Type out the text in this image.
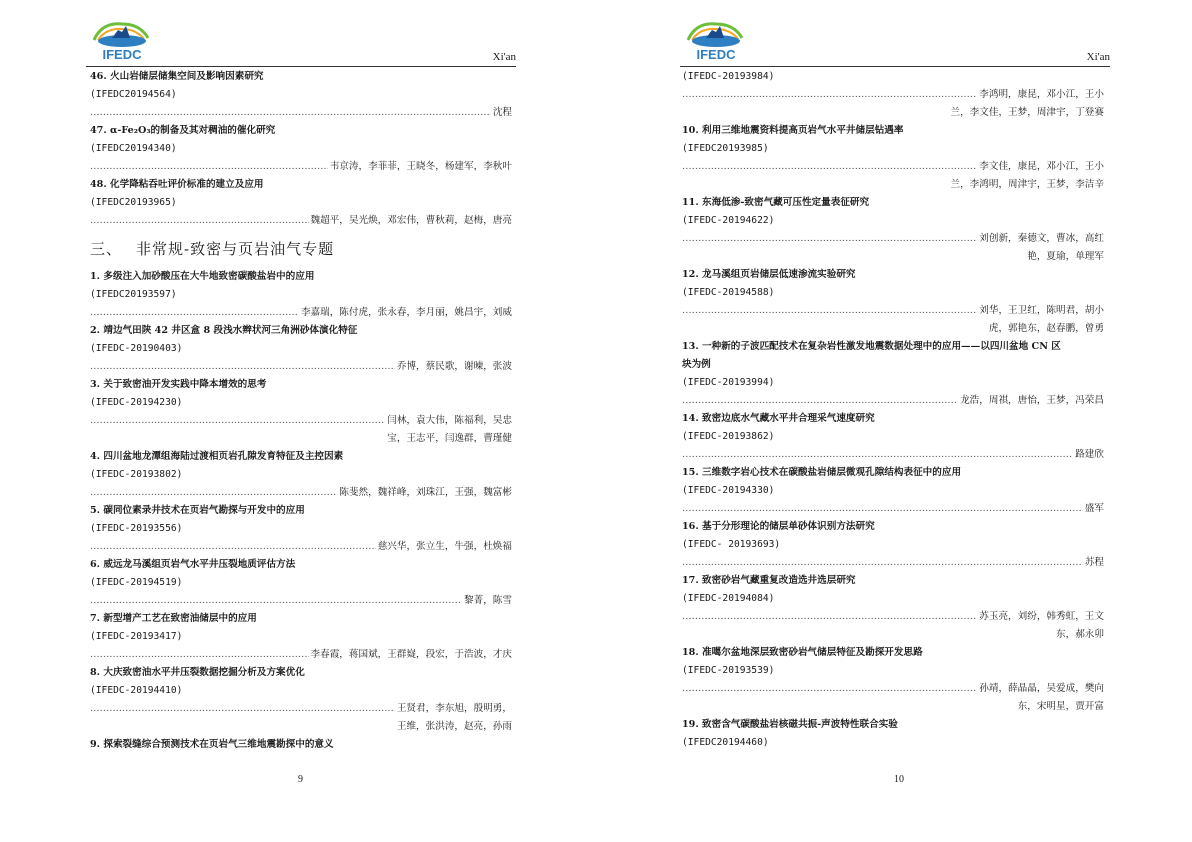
IFEDC	Xi'an
46. 火山岩储层储集空间及影响因素研究
(IFEDC20194564)
…………………………………………………………………………………………………………………………………………………………………………………………………………………………………
沈程
47. α-Fe₂O₃的制备及其对稠油的催化研究
(IFEDC20194340)
…………………………………………………………………………………………………………………………………………………………………………………………………………………………………
韦京涛，李菲菲，王晓冬，杨建军，李秋叶
48. 化学降粘吞吐评价标准的建立及应用
(IFEDC20193965)
…………………………………………………………………………………………………………………………………………………………………………………………………………………………………
魏超平，吴光焕，邓宏伟，曹秋莉，赵梅，唐亮
三、 非常规-致密与页岩油气专题
1. 多级注入加砂酸压在大牛地致密碳酸盐岩中的应用
(IFEDC20193597)
…………………………………………………………………………………………………………………………………………………………………………………………………………………………………
李嘉瑞，陈付虎，张永春，李月丽，姚昌宇，刘威
2. 靖边气田陕 42 井区盒 8 段浅水辫状河三角洲砂体演化特征
(IFEDC-20190403)
…………………………………………………………………………………………………………………………………………………………………………………………………………………………………
乔博，蔡民歌，谢暕，张波
3. 关于致密油开发实践中降本增效的思考
(IFEDC-20194230)
…………………………………………………………………………………………………………………………………………………………………………………………………………………………………
闫林，袁大伟，陈福利，吴忠
宝，王志平，闫逸群，曹瑾健
4. 四川盆地龙潭组海陆过渡相页岩孔隙发育特征及主控因素
(IFEDC-20193802)
…………………………………………………………………………………………………………………………………………………………………………………………………………………………………
陈斐然，魏祥峰，刘珠江，王强，魏富彬
5. 碳同位素录井技术在页岩气勘探与开发中的应用
(IFEDC-20193556)
…………………………………………………………………………………………………………………………………………………………………………………………………………………………………
慈兴华，张立生，牛强，杜焕福
6. 威远龙马溪组页岩气水平井压裂地质评估方法
(IFEDC-20194519)
…………………………………………………………………………………………………………………………………………………………………………………………………………………………………
黎菁，陈雪
7. 新型增产工艺在致密油储层中的应用
(IFEDC-20193417)
…………………………………………………………………………………………………………………………………………………………………………………………………………………………………
李春霞，蒋国斌，王群嶷，段宏，于浩波，才庆
8. 大庆致密油水平井压裂数据挖掘分析及方案优化
(IFEDC-20194410)
…………………………………………………………………………………………………………………………………………………………………………………………………………………………………
王贤君，李东旭，殷明勇，
王维，张洪涛，赵亮，孙雨
9. 探索裂缝综合预测技术在页岩气三维地震勘探中的意义
9
IFEDC	Xi'an
(IFEDC-20193984)
…………………………………………………………………………………………………………………………………………………………………………………………………………………………………
李鸿明，康昆，邓小江，王小
兰，李文佳，王梦，周津宇，丁登赛
10. 利用三维地震资料提高页岩气水平井储层钻遇率
(IFEDC20193985)
…………………………………………………………………………………………………………………………………………………………………………………………………………………………………
李文佳，康昆，邓小江，王小
兰，李鸿明，周津宇，王梦，李洁辛
11. 东海低渗-致密气藏可压性定量表征研究
(IFEDC-20194622)
…………………………………………………………………………………………………………………………………………………………………………………………………………………………………
刘创新，秦德文，曹冰，高红
艳，夏瑜，单理军
12. 龙马溪组页岩储层低速渗流实验研究
(IFEDC-20194588)
…………………………………………………………………………………………………………………………………………………………………………………………………………………………………
刘华，王卫红，陈明君，胡小
虎，郭艳东，赵春鹏，曾勇
13. 一种新的子波匹配技术在复杂岩性激发地震数据处理中的应用——以四川盆地 CN 区
块为例
(IFEDC-20193994)
…………………………………………………………………………………………………………………………………………………………………………………………………………………………………
龙浩，周祺，唐怡，王梦，冯荣昌
14. 致密边底水气藏水平井合理采气速度研究
(IFEDC-20193862)
…………………………………………………………………………………………………………………………………………………………………………………………………………………………………
路建欣
15. 三维数字岩心技术在碳酸盐岩储层微观孔隙结构表征中的应用
(IFEDC-20194330)
…………………………………………………………………………………………………………………………………………………………………………………………………………………………………
盛军
16. 基于分形理论的储层单砂体识别方法研究
(IFEDC- 20193693)
…………………………………………………………………………………………………………………………………………………………………………………………………………………………………
苏程
17. 致密砂岩气藏重复改造选井选层研究
(IFEDC-20194084)
…………………………………………………………………………………………………………………………………………………………………………………………………………………………………
苏玉亮，刘纷，韩秀虹，王文
东，郝永卯
18. 准噶尔盆地深层致密砂岩气储层特征及勘探开发思路
(IFEDC-20193539)
…………………………………………………………………………………………………………………………………………………………………………………………………………………………………
孙靖，薛晶晶，吴爱成，樊向
东，宋明星，贾开富
19. 致密含气碳酸盐岩核磁共振-声波特性联合实验
(IFEDC20194460)
10
